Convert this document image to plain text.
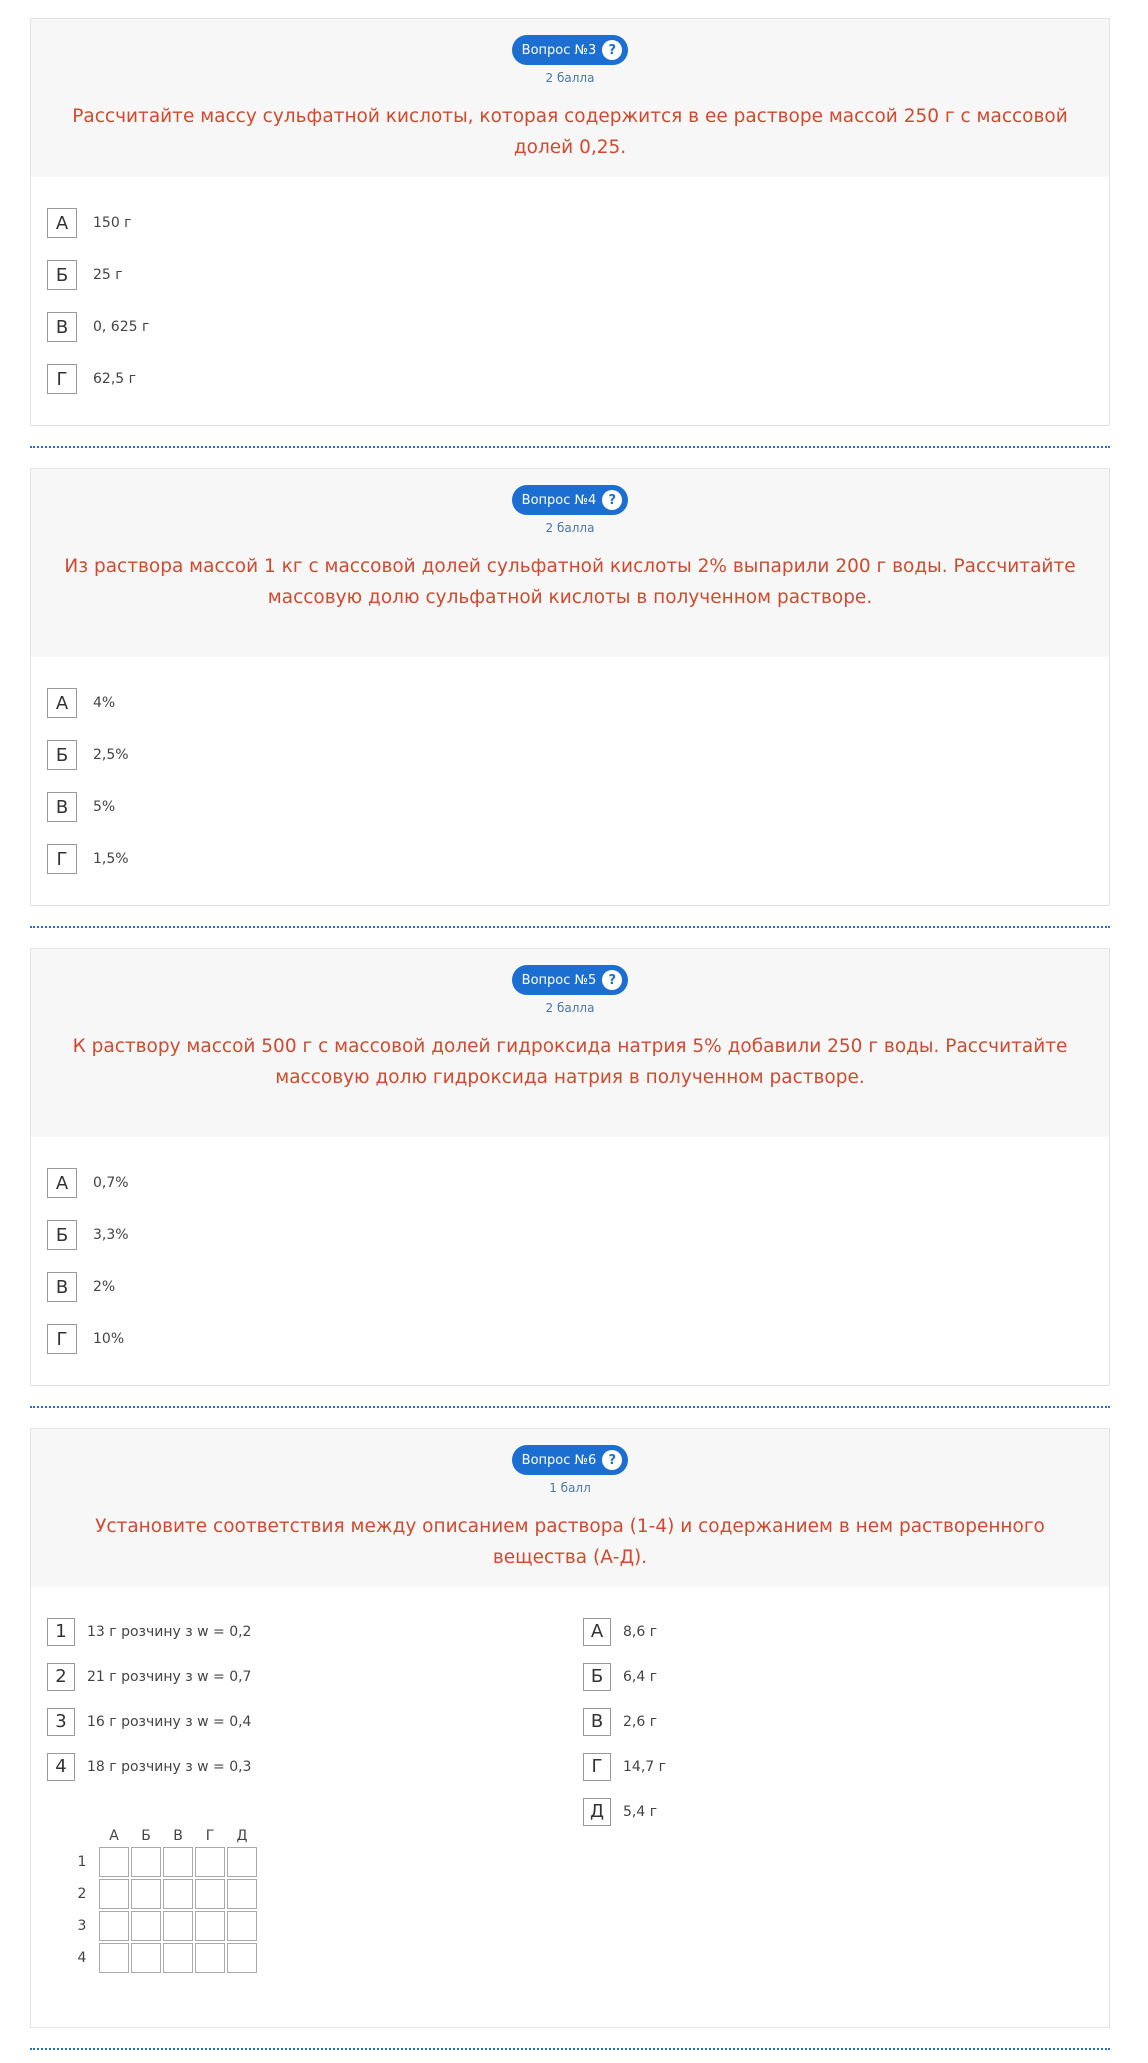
Вопрос №3 ?
2 балла
Рассчитайте массу сульфатной кислоты, которая содержится в ее растворе массой 250 г с массовой долей 0,25.
А	150 г
Б	25 г
В	0, 625 г
Г	62,5 г
Вопрос №4 ?
2 балла
Из раствора массой 1 кг с массовой долей сульфатной кислоты 2% выпарили 200 г воды. Рассчитайте массовую долю сульфатной кислоты в полученном растворе.
А	4%
Б	2,5%
В	5%
Г	1,5%
Вопрос №5 ?
2 балла
К раствору массой 500 г с массовой долей гидроксида натрия 5% добавили 250 г воды. Рассчитайте массовую долю гидроксида натрия в полученном растворе.
А	0,7%
Б	3,3%
В	2%
Г	10%
Вопрос №6 ?
1 балл
Установите соответствия между описанием раствора (1-4) и содержанием в нем растворенного вещества (А-Д).
1	13 г розчину з w = 0,2
2	21 г розчину з w = 0,7
3	16 г розчину з w = 0,4
4	18 г розчину з w = 0,3
А	8,6 г
Б	6,4 г
В	2,6 г
Г	14,7 г
Д	5,4 г
	А	Б	В	Г	Д
1					
2					
3					
4					
